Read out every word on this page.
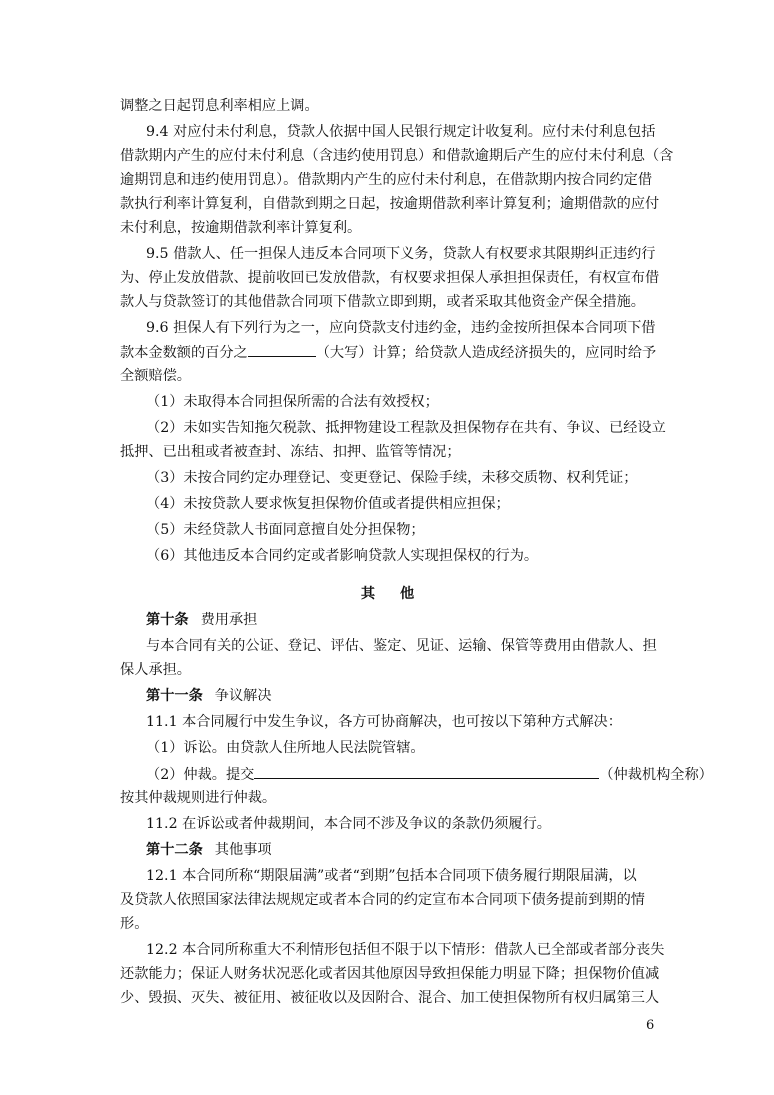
调整之日起罚息利率相应上调。
9.4 对应付未付利息，贷款人依据中国人民银行规定计收复利。应付未付利息包括
借款期内产生的应付未付利息（含违约使用罚息）和借款逾期后产生的应付未付利息（含
逾期罚息和违约使用罚息）。借款期内产生的应付未付利息，在借款期内按合同约定借
款执行利率计算复利，自借款到期之日起，按逾期借款利率计算复利；逾期借款的应付
未付利息，按逾期借款利率计算复利。
9.5 借款人、任一担保人违反本合同项下义务，贷款人有权要求其限期纠正违约行
为、停止发放借款、提前收回已发放借款，有权要求担保人承担担保责任，有权宣布借
款人与贷款签订的其他借款合同项下借款立即到期，或者采取其他资金产保全措施。
9.6 担保人有下列行为之一，应向贷款支付违约金，违约金按所担保本合同项下借
款本金数额的百分之	（大写）计算；给贷款人造成经济损失的，应同时给予
全额赔偿。
（1）未取得本合同担保所需的合法有效授权；
（2）未如实告知拖欠税款、抵押物建设工程款及担保物存在共有、争议、已经设立
抵押、已出租或者被查封、冻结、扣押、监管等情况；
（3）未按合同约定办理登记、变更登记、保险手续，未移交质物、权利凭证；
（4）未按贷款人要求恢复担保物价值或者提供相应担保；
（5）未经贷款人书面同意擅自处分担保物；
（6）其他违反本合同约定或者影响贷款人实现担保权的行为。
其 他
第十条 费用承担
与本合同有关的公证、登记、评估、鉴定、见证、运输、保管等费用由借款人、担
保人承担。
第十一条 争议解决
11.1 本合同履行中发生争议，各方可协商解决，也可按以下第种方式解决：
（1）诉讼。由贷款人住所地人民法院管辖。
（2）仲裁。提交	（仲裁机构全称）
按其仲裁规则进行仲裁。
11.2 在诉讼或者仲裁期间，本合同不涉及争议的条款仍须履行。
第十二条 其他事项
12.1 本合同所称“期限届满”或者“到期”包括本合同项下债务履行期限届满，以
及贷款人依照国家法律法规规定或者本合同的约定宣布本合同项下债务提前到期的情
形。
12.2 本合同所称重大不利情形包括但不限于以下情形：借款人已全部或者部分丧失
还款能力；保证人财务状况恶化或者因其他原因导致担保能力明显下降；担保物价值减
少、毁损、灭失、被征用、被征收以及因附合、混合、加工使担保物所有权归属第三人
6
